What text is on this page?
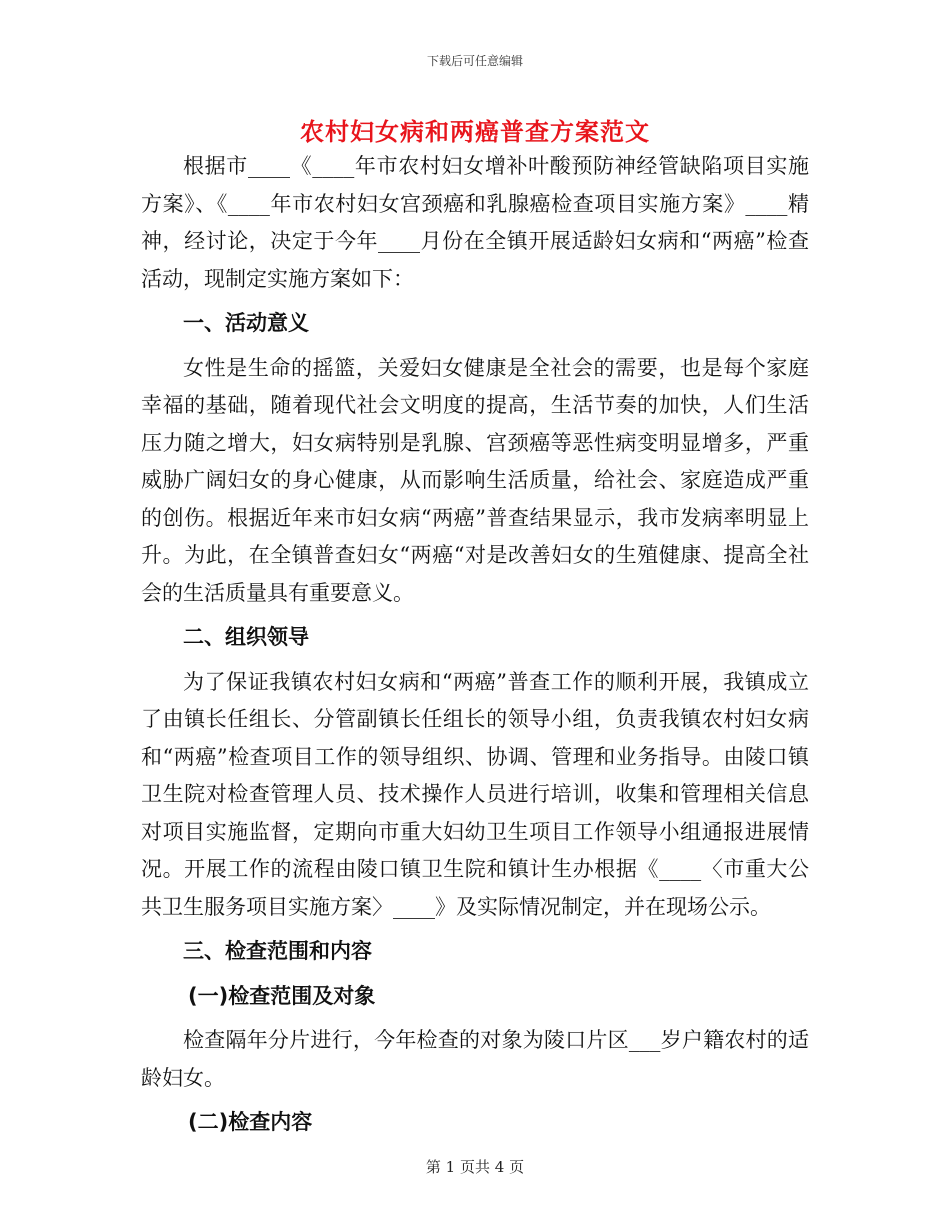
下载后可任意编辑
农村妇女病和两癌普查方案范文

根据市____《____年市农村妇女增补叶酸预防神经管缺陷项目实施方案》、《____年市农村妇女宫颈癌和乳腺癌检查项目实施方案》____精神，经讨论，决定于今年____月份在全镇开展适龄妇女病和“两癌”检查活动，现制定实施方案如下：

一、活动意义

女性是生命的摇篮，关爱妇女健康是全社会的需要，也是每个家庭幸福的基础，随着现代社会文明度的提高，生活节奏的加快，人们生活压力随之增大，妇女病特别是乳腺、宫颈癌等恶性病变明显增多，严重威胁广阔妇女的身心健康，从而影响生活质量，给社会、家庭造成严重的创伤。根据近年来市妇女病“两癌”普查结果显示，我市发病率明显上升。为此，在全镇普查妇女“两癌“对是改善妇女的生殖健康、提高全社会的生活质量具有重要意义。

二、组织领导

为了保证我镇农村妇女病和“两癌”普查工作的顺利开展，我镇成立了由镇长任组长、分管副镇长任组长的领导小组，负责我镇农村妇女病和“两癌”检查项目工作的领导组织、协调、管理和业务指导。由陵口镇卫生院对检查管理人员、技术操作人员进行培训，收集和管理相关信息对项目实施监督，定期向市重大妇幼卫生项目工作领导小组通报进展情况。开展工作的流程由陵口镇卫生院和镇计生办根据《____〈市重大公共卫生服务项目实施方案〉____》及实际情况制定，并在现场公示。

三、检查范围和内容

(一)检查范围及对象

检查隔年分片进行，今年检查的对象为陵口片区___岁户籍农村的适龄妇女。

(二)检查内容

第 1 页共 4 页
